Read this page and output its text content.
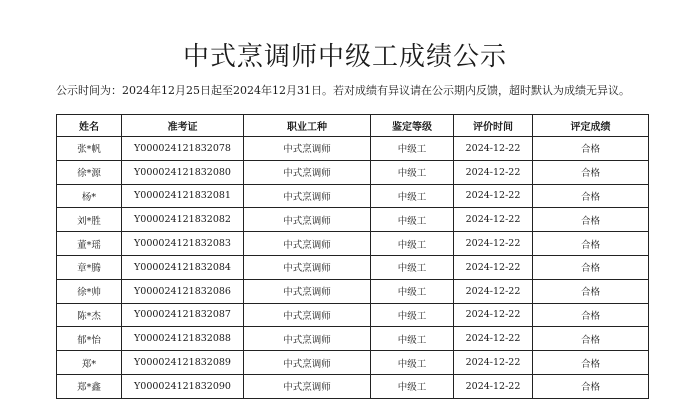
中式烹调师中级工成绩公示
公示时间为：2024年12月25日起至2024年12月31日。若对成绩有异议请在公示期内反馈，超时默认为成绩无异议。
姓名	准考证	职业工种	鉴定等级	评价时间	评定成绩
张*帆	Y000024121832078	中式烹调师	中级工	2024-12-22	合格
徐*源	Y000024121832080	中式烹调师	中级工	2024-12-22	合格
杨*	Y000024121832081	中式烹调师	中级工	2024-12-22	合格
刘*胜	Y000024121832082	中式烹调师	中级工	2024-12-22	合格
董*瑶	Y000024121832083	中式烹调师	中级工	2024-12-22	合格
章*腾	Y000024121832084	中式烹调师	中级工	2024-12-22	合格
徐*帅	Y000024121832086	中式烹调师	中级工	2024-12-22	合格
陈*杰	Y000024121832087	中式烹调师	中级工	2024-12-22	合格
郁*怡	Y000024121832088	中式烹调师	中级工	2024-12-22	合格
郑*	Y000024121832089	中式烹调师	中级工	2024-12-22	合格
郑*鑫	Y000024121832090	中式烹调师	中级工	2024-12-22	合格
